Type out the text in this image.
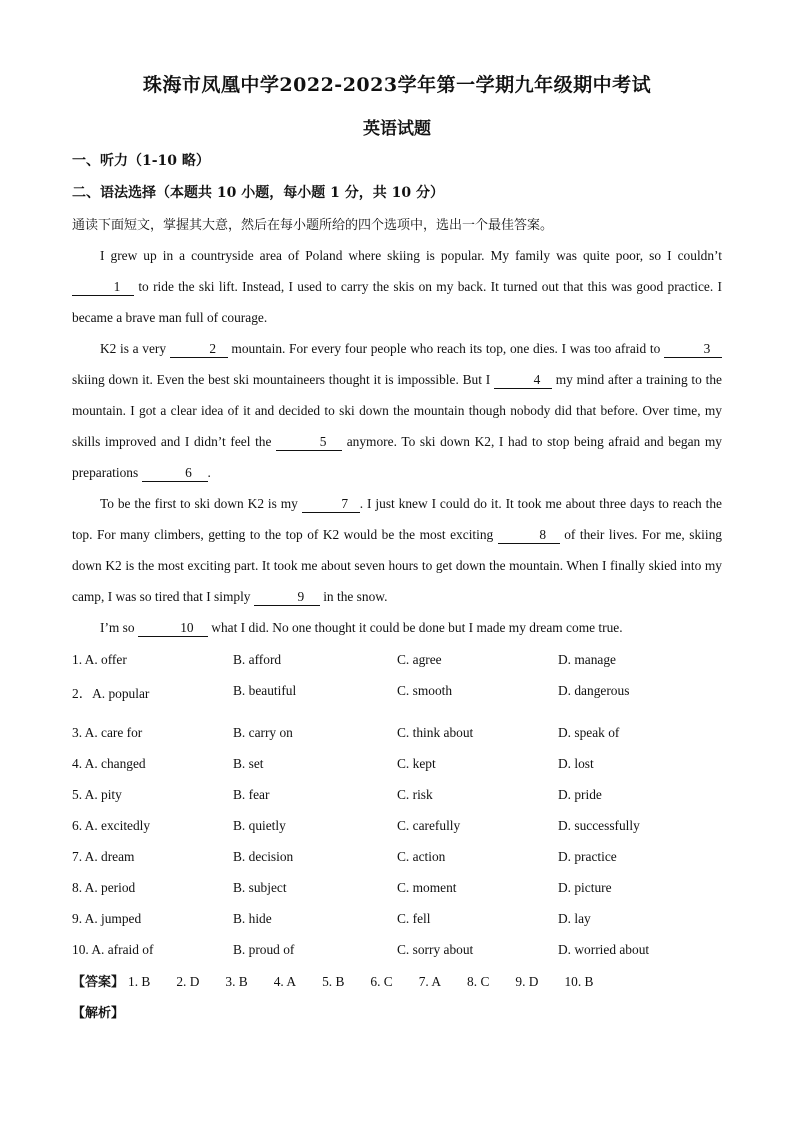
珠海市凤凰中学2022-2023学年第一学期九年级期中考试
英语试题
一、听力（1-10 略）
二、语法选择（本题共 10 小题，每小题 1 分，共 10 分）
通读下面短文，掌握其大意，然后在每小题所给的四个选项中，选出一个最佳答案。

I grew up in a countryside area of Poland where skiing is popular. My family was quite poor, so I couldn’t 1 to ride the ski lift. Instead, I used to carry the skis on my back. It turned out that this was good practice. I became a brave man full of courage.

K2 is a very	2 mountain. For every four people who reach its top, one dies. I was too afraid to	3 skiing down it. Even the best ski mountaineers thought it is impossible. But I	4 my mind after a training to the mountain. I got a clear idea of it and decided to ski down the mountain though nobody did that before. Over time, my skills improved and I didn’t feel the	5 anymore. To ski down K2, I had to stop being afraid and began my preparations	6 .

To be the first to ski down K2 is my	7 . I just knew I could do it. It took me about three days to reach the top. For many climbers, getting to the top of K2 would be the most exciting	8 of their lives. For me, skiing down K2 is the most exciting part. It took me about seven hours to get down the mountain. When I finally skied into my camp, I was so tired that I simply	9 in the snow.

I’m so	10 what I did. No one thought it could be done but I made my dream come true.

1. A. offer	B. afford	C. agree	D. manage
2．A. popular	B. beautiful	C. smooth	D. dangerous
3. A. care for	B. carry on	C. think about	D. speak of
4. A. changed	B. set	C. kept	D. lost
5. A. pity	B. fear	C. risk	D. pride
6. A. excitedly	B. quietly	C. carefully	D. successfully
7. A. dream	B. decision	C. action	D. practice
8. A. period	B. subject	C. moment	D. picture
9. A. jumped	B. hide	C. fell	D. lay
10. A. afraid of	B. proud of	C. sorry about	D. worried about
【答案】 1. B 2. D 3. B 4. A 5. B 6. C 7. A 8. C 9. D 10. B
【解析】
